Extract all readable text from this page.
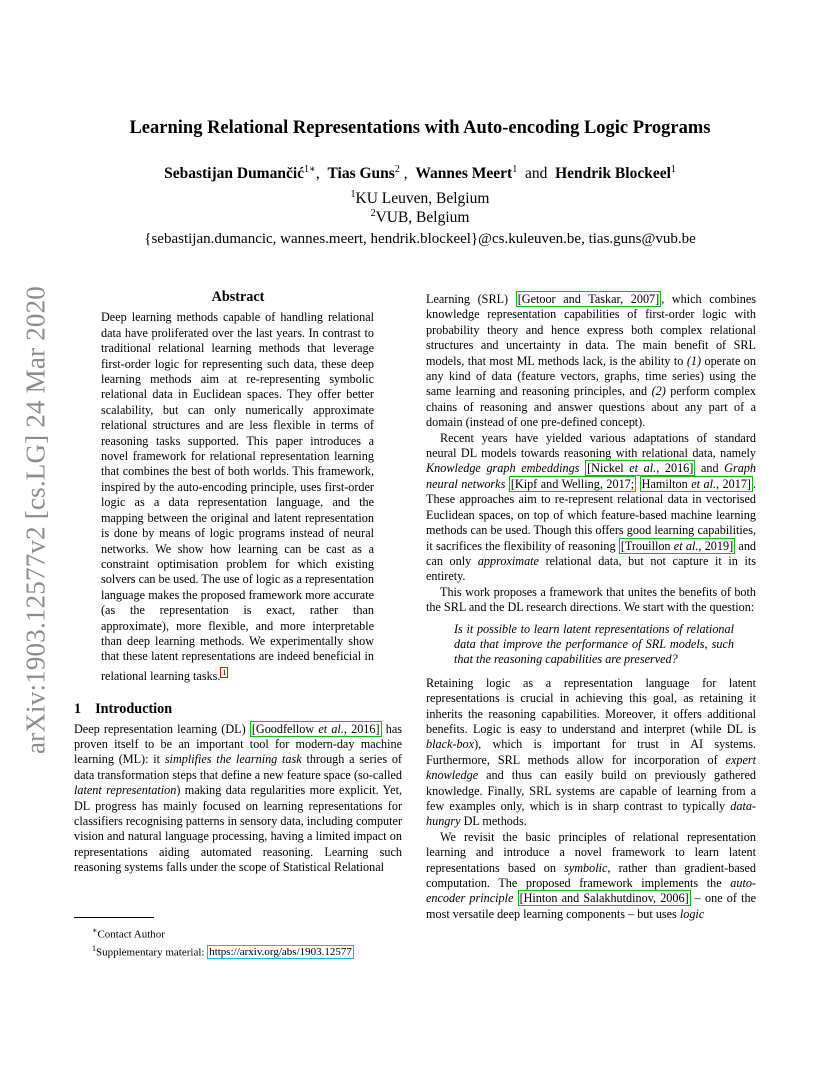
arXiv:1903.12577v2 [cs.LG] 24 Mar 2020
Learning Relational Representations with Auto-encoding Logic Programs
Sebastijan Dumančić$^{1∗}$, Tias Guns$^2$ , Wannes Meert$^1$ and Hendrik Blockeel$^1$
$^1$KU Leuven, Belgium
$^2$VUB, Belgium
{sebastijan.dumancic, wannes.meert, hendrik.blockeel}@cs.kuleuven.be, tias.guns@vub.be
Abstract
Deep learning methods capable of handling relational data have proliferated over the last years. In contrast to traditional relational learning methods that leverage first-order logic for representing such data, these deep learning methods aim at re-representing symbolic relational data in Euclidean spaces. They offer better scalability, but can only numerically approximate relational structures and are less flexible in terms of reasoning tasks supported. This paper introduces a novel framework for relational representation learning that combines the best of both worlds. This framework, inspired by the auto-encoding principle, uses first-order logic as a data representation language, and the mapping between the original and latent representation is done by means of logic programs instead of neural networks. We show how learning can be cast as a constraint optimisation problem for which existing solvers can be used. The use of logic as a representation language makes the proposed framework more accurate (as the representation is exact, rather than approximate), more flexible, and more interpretable than deep learning methods. We experimentally show that these latent representations are indeed beneficial in relational learning tasks. $^1$
1 Introduction

Deep representation learning (DL) [Goodfellow et al., 2016] has proven itself to be an important tool for modern-day machine learning (ML): it simplifies the learning task through a series of data transformation steps that define a new feature space (so-called latent representation) making data regularities more explicit. Yet, DL progress has mainly focused on learning representations for classifiers recognising patterns in sensory data, including computer vision and natural language processing, having a limited impact on representations aiding automated reasoning. Learning such reasoning systems falls under the scope of Statistical Relational

Learning (SRL) [Getoor and Taskar, 2007] , which combines knowledge representation capabilities of first-order logic with probability theory and hence express both complex relational structures and uncertainty in data. The main benefit of SRL models, that most ML methods lack, is the ability to (1) operate on any kind of data (feature vectors, graphs, time series) using the same learning and reasoning principles, and (2) perform complex chains of reasoning and answer questions about any part of a domain (instead of one pre-defined concept).

Recent years have yielded various adaptations of standard neural DL models towards reasoning with relational data, namely Knowledge graph embeddings [Nickel et al., 2016] and Graph neural networks [Kipf and Welling, 2017; Hamilton et al., 2017] . These approaches aim to re-represent relational data in vectorised Euclidean spaces, on top of which feature-based machine learning methods can be used. Though this offers good learning capabilities, it sacrifices the flexibility of reasoning [Trouillon et al., 2019] and can only approximate relational data, but not capture it in its entirety.

This work proposes a framework that unites the benefits of both the SRL and the DL research directions. We start with the question:

Is it possible to learn latent representations of relational data that improve the performance of SRL models, such that the reasoning capabilities are preserved?

Retaining logic as a representation language for latent representations is crucial in achieving this goal, as retaining it inherits the reasoning capabilities. Moreover, it offers additional benefits. Logic is easy to understand and interpret (while DL is black-box), which is important for trust in AI systems. Furthermore, SRL methods allow for incorporation of expert knowledge and thus can easily build on previously gathered knowledge. Finally, SRL systems are capable of learning from a few examples only, which is in sharp contrast to typically data-hungry DL methods.

We revisit the basic principles of relational representation learning and introduce a novel framework to learn latent representations based on symbolic, rather than gradient-based computation. The proposed framework implements the auto-encoder principle [Hinton and Salakhutdinov, 2006] – one of the most versatile deep learning components – but uses logic

∗Contact Author
$^1$Supplementary material: https://arxiv.org/abs/1903.12577
